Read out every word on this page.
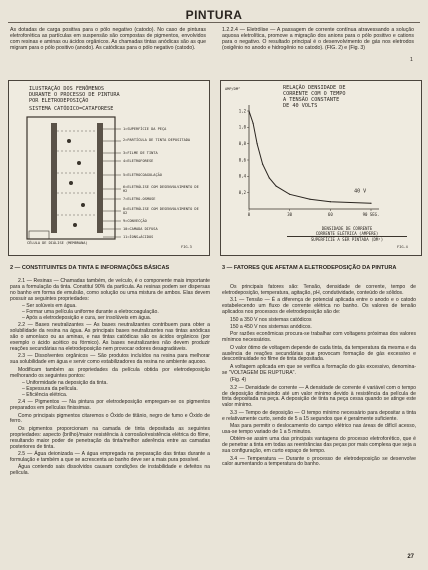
PINTURA

As dotadas de carga positiva para o pólo negativo (catodo). No caso de pinturas eletroforética as partículas em suspensão são compostas de pigmentos, envolvidos com resinas e aminas ou ácidos orgânicos. As chamadas tintas anódicas são as que migram para o pólo positivo (anodo). As catódicas para o pólo negativo (catodo).

1.2.2.4 — Eletrólise — A passagem de corrente contínua atravessando a solução aquosa eletrolítica, promove a migração dos anions para o pólo positivo e cations para o negativo. O resultado principal é o desenvolvimento de gás nos eletrodos (oxigênio no anodo e hidrogênio no catodo). (FIG. 2) e (Fig. 3)

1
ILUSTRAÇÃO DOS FENÔMENOS
DURANTE O PROCESSO DE PINTURA
POR ELETRODEPOSIÇÃO
SISTEMA CATÓDICO=CATAFORESE
1=SUPERFÍCIE DA PEÇA
2=PARTÍCULA DE TINTA DEPOSITADA
3=FILME DE TINTA
4=ELETROFORESE
5=ELETROCOAGULAÇÃO
6=ELETRÓLISE COM DESENVOLVIMENTO DE H2
7=ELETRO-OSMOSE
8=ELETRÓLISE COM DESENVOLVIMENTO DE O2
9=CONVECÇÃO
10=CAMADA DIFUSA
11=ÍONS+ÁCIDOS
CÉLULA DE DIÁLISE (MEMBRANA)
FIG.3
RELAÇÃO DENSIDADE DE
CORRENTE COM O TEMPO
A TENSÃO CONSTANTE
DE 40 VOLTS
AMP/DM²
1,2
1,0
0,8
0,6
0,4
0,2
0	30	60	90 SEG.
40 V
DENSIDADE DE CORRENTE
CORRENTE ELÉTRICA (AMPERE)
SUPERFÍCIE A SER PINTADA (DM²)
FIG.4
2 — CONSTITUINTES DA TINTA E INFORMAÇÕES BÁSICAS

2.1 — Resinas — Chamadas também, de veículo, é o componente mais importante para a formulação da tinta. Constituí 90% da partícula. As resinas podem ser dispersas no banho em forma de emulsão, como solução ou uma mistura de ambos. Elas devem possuir as seguintes propriedades:

– Ser solúveis em água.
– Formar uma película uniforme durante a eletrocoagulação.
– Após a eletrodeposição e cura, ser insolúveis em água.

2.2 — Bases neutralizantes — As bases neutralizantes contribuem para obter a solubilidade da resina na água. As principais bases neutralizantes nas tintas anódicas são o amoníaco ou as aminas, e nas tintas catódicas são os ácidos orgânicos (por exemplo o ácido acético ou fórmico). As bases neutralizantes não devem produzir reações secundárias na eletrodeposição nem provocar odores desagradáveis.

2.3 — Dissolventes orgânicos — São produtos incluídos na resina para melhorar sua solubilidade em água e servir como estabilizadores da resina no ambiente aquoso.

Modificam também as propriedades da película obtida por eletrodeposição melhorando os seguintes pontos:

– Uniformidade na deposição da tinta.
– Espessura da película.
– Eficiência elétrica.

2.4 — Pigmentos — Na pintura por eletrodeposição empregam-se os pigmentos preparados em películas finissimas.

Como principais pigmentos citaremos o Óxido de titânio, negro de fumo e Óxido de ferro.

Os pigmentos proporcionam na camada de tinta depositada as seguintes propriedades: aspecto (brilho)/maior resistência à corrosão/resistência elétrica do filme, resultando maior poder de penetração da tinta/melhor aderência entre as camadas posteriores de tinta.

2.5 — Água deionizada — A água empregada na preparação das tintas durante a formulação e também a que se acrescenta ao banho deve ser a mais pura possível.

Água contendo sais dissolvidos causam condições de instabilidade e defeitos na película.

3 — FATORES QUE AFETAM A ELETRODEPOSIÇÃO DA PINTURA

Os principais fatores são: Tensão, densidade de corrente, tempo de eletrodeposição, temperatura, agitação, pH, condutividade, conteúdo de sólidos.

3.1 — Tensão — É a diferença de potencial aplicada entre o anodo e o catodo estabelecendo um fluxo de corrente elétrica no banho. Os valores de tensão aplicados nos processos de eletrodeposição são de:

150 a 350 V nos sistemas catódicos

150 a 450 V nos sistemas anódicos.

Por razões econômicas procura-se trabalhar com voltagens próximas dos valores mínimos necessários.

O valor ótimo de voltagem depende de cada tinta, da temperatura da mesma e da ausência de reações secundárias que provocam formação de gás excessivo e descontinuidade no filme de tinta depositada.

A voltagem aplicada em que se verifica a formação do gás excessivo, denomina-se "VOLTAGEM DE RUPTURA".

(Fig. 4)

3.2 — Densidade de corrente — A densidade de corrente é variável com o tempo de deposição diminuindo até um valor mínimo devido à resistência da película de tinta depositada na peça. A deposição de tinta na peça cessa quando se atinge este valor mínimo.

3.3 — Tempo de deposição — O tempo mínimo necessário para depositar a tinta e relativamente curto, sendo de 5 a 15 segundos que é geralmente suficiente.

Mas para permitir o deslocamento do campo elétrico nas áreas de difícil acesso, usa-se tempo variado de 1 a 5 minutos.

Obtém-se assim uma das principais vantagens do processo eletroforético, que é de penetrar a tinta em todas as reentrâncias das peças por mais complexa que seja a sua configuração, em curto espaço de tempo.

3.4 — Temperatura — Durante o processo de eletrodeposição se desenvolve calor aumentando a temperatura do banho.

27
